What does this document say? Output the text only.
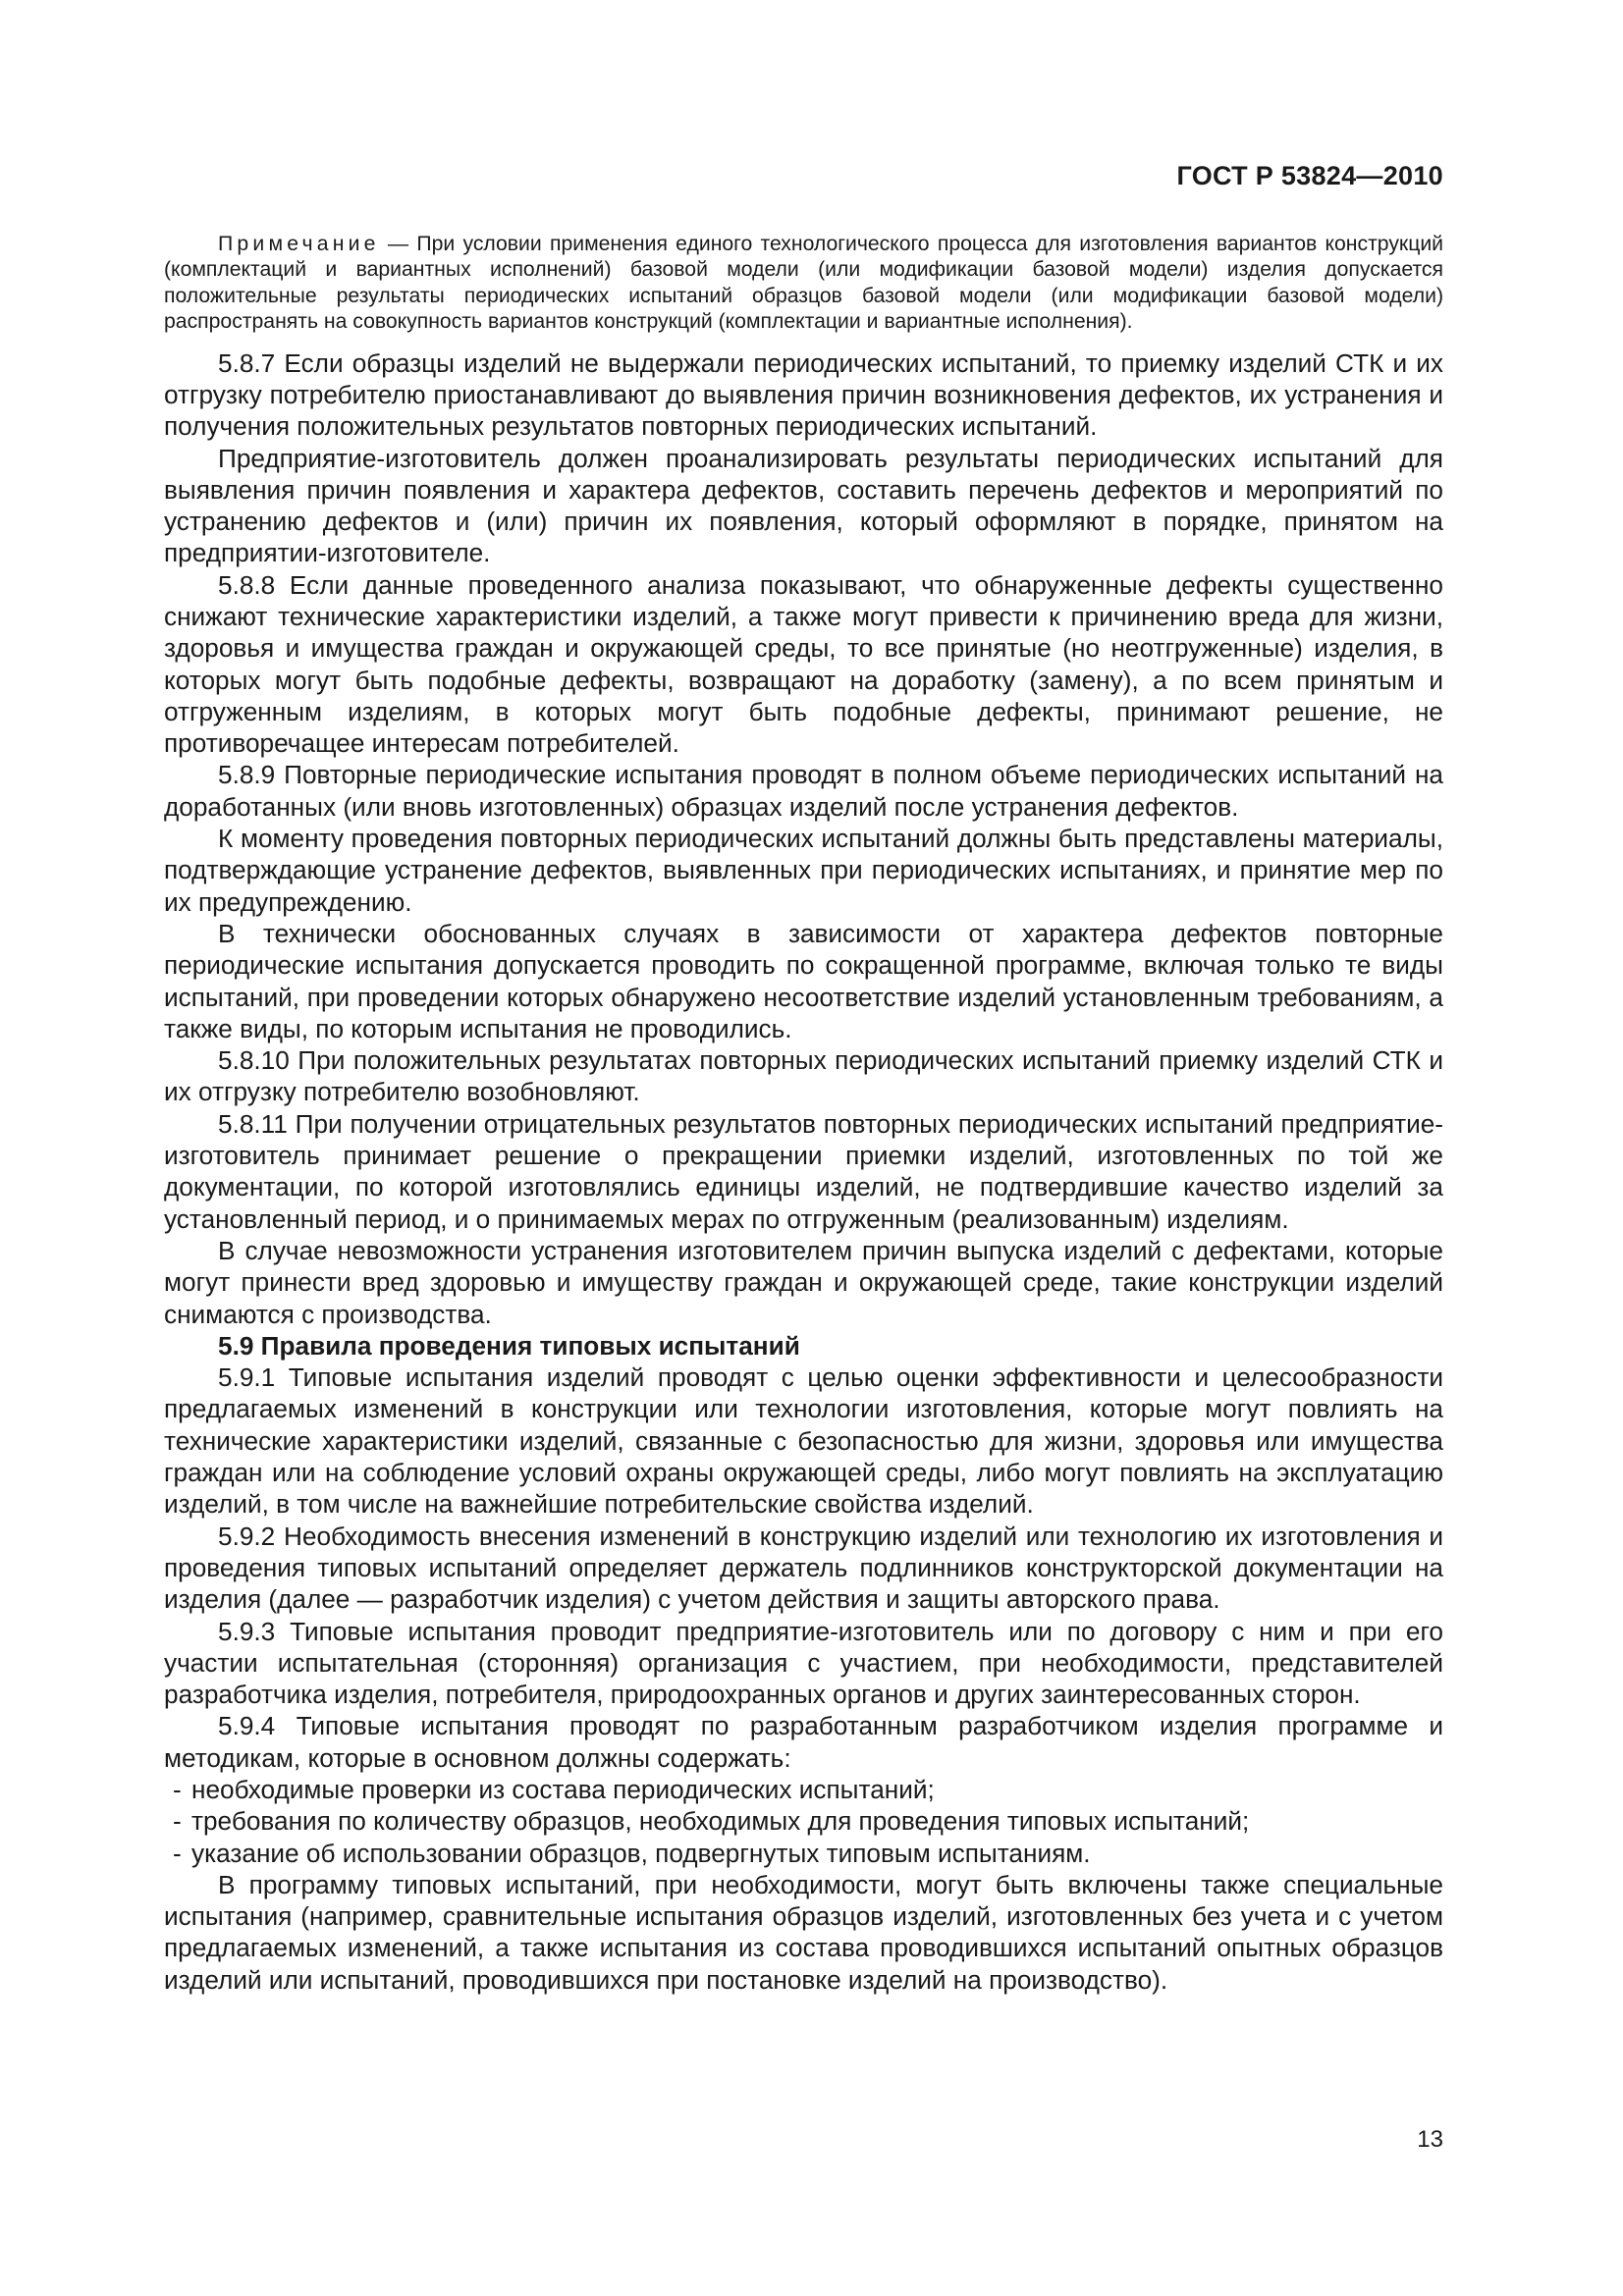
ГОСТ Р 53824—2010
Примечание — При условии применения единого технологического процесса для изготовления вариантов конструкций (комплектаций и вариантных исполнений) базовой модели (или модификации базовой модели) изделия допускается положительные результаты периодических испытаний образцов базовой модели (или модификации базовой модели) распространять на совокупность вариантов конструкций (комплектации и вариантные исполнения).

5.8.7 Если образцы изделий не выдержали периодических испытаний, то приемку изделий СТК и их отгрузку потребителю приостанавливают до выявления причин возникновения дефектов, их устранения и получения положительных результатов повторных периодических испытаний.

Предприятие-изготовитель должен проанализировать результаты периодических испытаний для выявления причин появления и характера дефектов, составить перечень дефектов и мероприятий по устранению дефектов и (или) причин их появления, который оформляют в порядке, принятом на предприятии-изготовителе.

5.8.8 Если данные проведенного анализа показывают, что обнаруженные дефекты существенно снижают технические характеристики изделий, а также могут привести к причинению вреда для жизни, здоровья и имущества граждан и окружающей среды, то все принятые (но неотгруженные) изделия, в которых могут быть подобные дефекты, возвращают на доработку (замену), а по всем принятым и отгруженным изделиям, в которых могут быть подобные дефекты, принимают решение, не противоречащее интересам потребителей.

5.8.9 Повторные периодические испытания проводят в полном объеме периодических испытаний на доработанных (или вновь изготовленных) образцах изделий после устранения дефектов.

К моменту проведения повторных периодических испытаний должны быть представлены материалы, подтверждающие устранение дефектов, выявленных при периодических испытаниях, и принятие мер по их предупреждению.

В технически обоснованных случаях в зависимости от характера дефектов повторные периодические испытания допускается проводить по сокращенной программе, включая только те виды испытаний, при проведении которых обнаружено несоответствие изделий установленным требованиям, а также виды, по которым испытания не проводились.

5.8.10 При положительных результатах повторных периодических испытаний приемку изделий СТК и их отгрузку потребителю возобновляют.

5.8.11 При получении отрицательных результатов повторных периодических испытаний предприятие-изготовитель принимает решение о прекращении приемки изделий, изготовленных по той же документации, по которой изготовлялись единицы изделий, не подтвердившие качество изделий за установленный период, и о принимаемых мерах по отгруженным (реализованным) изделиям.

В случае невозможности устранения изготовителем причин выпуска изделий с дефектами, которые могут принести вред здоровью и имуществу граждан и окружающей среде, такие конструкции изделий снимаются с производства.

5.9 Правила проведения типовых испытаний

5.9.1 Типовые испытания изделий проводят с целью оценки эффективности и целесообразности предлагаемых изменений в конструкции или технологии изготовления, которые могут повлиять на технические характеристики изделий, связанные с безопасностью для жизни, здоровья или имущества граждан или на соблюдение условий охраны окружающей среды, либо могут повлиять на эксплуатацию изделий, в том числе на важнейшие потребительские свойства изделий.

5.9.2 Необходимость внесения изменений в конструкцию изделий или технологию их изготовления и проведения типовых испытаний определяет держатель подлинников конструкторской документации на изделия (далее — разработчик изделия) с учетом действия и защиты авторского права.

5.9.3 Типовые испытания проводит предприятие-изготовитель или по договору с ним и при его участии испытательная (сторонняя) организация с участием, при необходимости, представителей разработчика изделия, потребителя, природоохранных органов и других заинтересованных сторон.

5.9.4 Типовые испытания проводят по разработанным разработчиком изделия программе и методикам, которые в основном должны содержать:

- необходимые проверки из состава периодических испытаний;

- требования по количеству образцов, необходимых для проведения типовых испытаний;

- указание об использовании образцов, подвергнутых типовым испытаниям.

В программу типовых испытаний, при необходимости, могут быть включены также специальные испытания (например, сравнительные испытания образцов изделий, изготовленных без учета и с учетом предлагаемых изменений, а также испытания из состава проводившихся испытаний опытных образцов изделий или испытаний, проводившихся при постановке изделий на производство).

13
